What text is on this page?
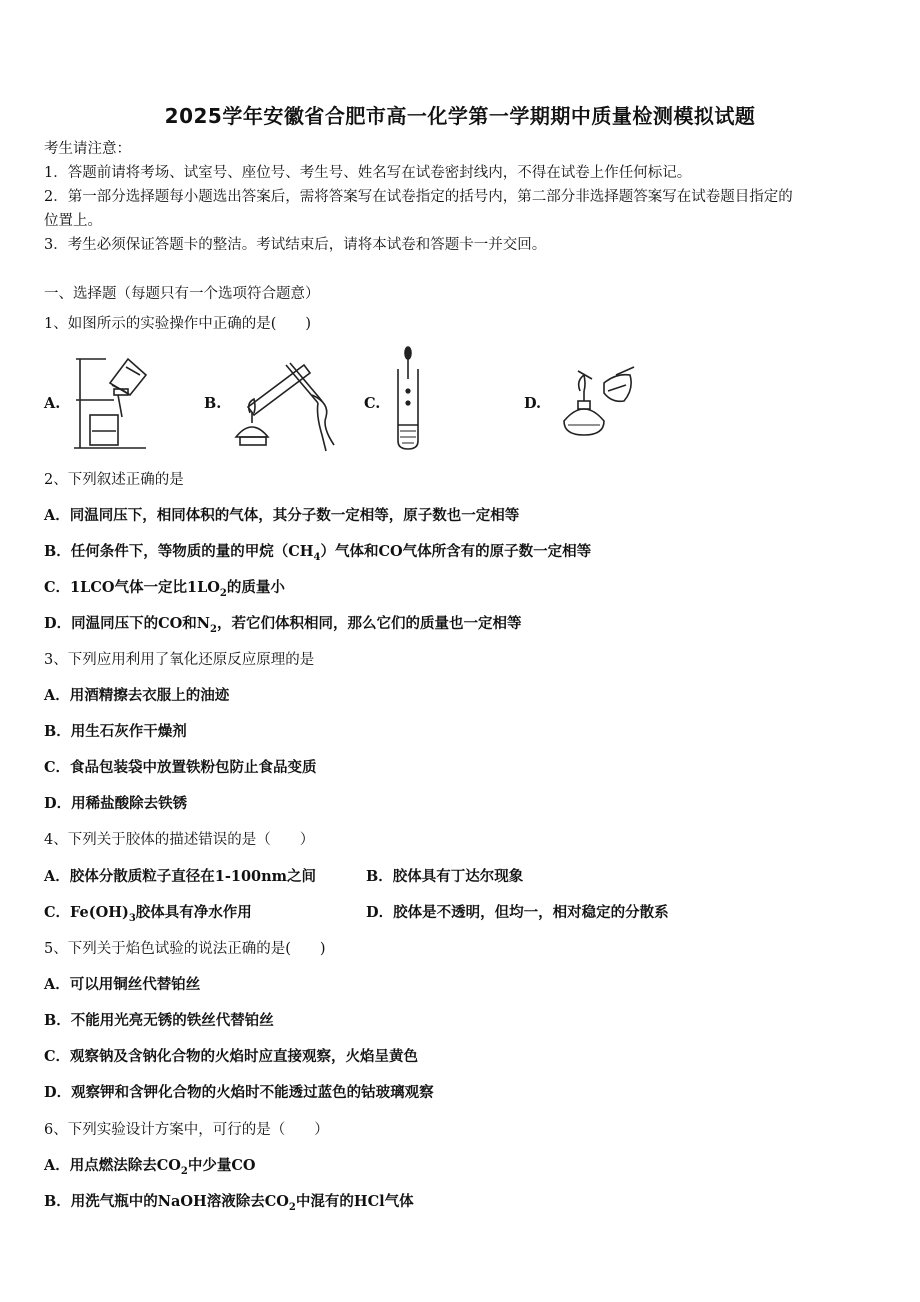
2025学年安徽省合肥市高一化学第一学期期中质量检测模拟试题
考生请注意：
1．答题前请将考场、试室号、座位号、考生号、姓名写在试卷密封线内，不得在试卷上作任何标记。
2．第一部分选择题每小题选出答案后，需将答案写在试卷指定的括号内，第二部分非选择题答案写在试卷题目指定的
位置上。
3．考生必须保证答题卡的整洁。考试结束后，请将本试卷和答题卡一并交回。
一、选择题（每题只有一个选项符合题意）
1、如图所示的实验操作中正确的是(　　)
A.	B.	C.	D.
2、下列叙述正确的是
A．同温同压下，相同体积的气体，其分子数一定相等，原子数也一定相等
B．任何条件下，等物质的量的甲烷$(CH_4)$气体和CO气体所含有的原子数一定相等
C．1LCO气体一定比$1LO_2$的质量小
D．同温同压下的CO和$N_2$，若它们体积相同，那么它们的质量也一定相等
3、下列应用利用了氧化还原反应原理的是
A．用酒精擦去衣服上的油迹
B．用生石灰作干燥剂
C．食品包装袋中放置铁粉包防止食品变质
D．用稀盐酸除去铁锈
4、下列关于胶体的描述错误的是（　　）
A．胶体分散质粒子直径在1-100nm之间	B．胶体具有丁达尔现象
C．$Fe(OH)_3$胶体具有净水作用	D．胶体是不透明，但均一，相对稳定的分散系
5、下列关于焰色试验的说法正确的是(　　)
A．可以用铜丝代替铂丝
B．不能用光亮无锈的铁丝代替铂丝
C．观察钠及含钠化合物的火焰时应直接观察，火焰呈黄色
D．观察钾和含钾化合物的火焰时不能透过蓝色的钴玻璃观察
6、下列实验设计方案中，可行的是（　　）
A．用点燃法除去$CO_2$中少量CO
B．用洗气瓶中的NaOH溶液除去$CO_2$中混有的HCl气体
